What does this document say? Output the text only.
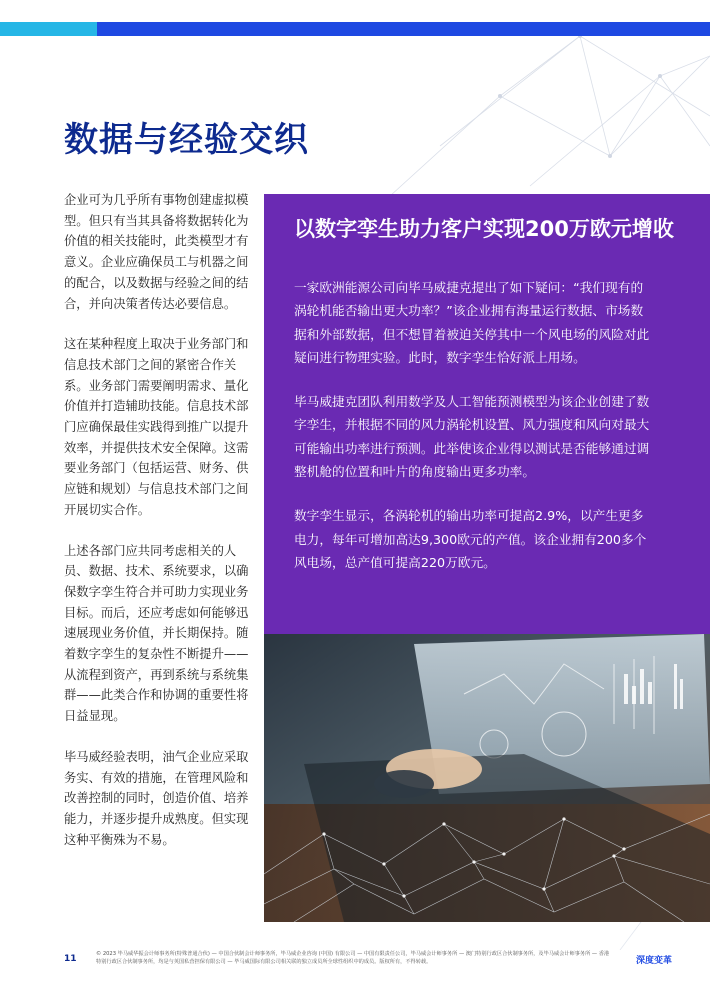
数据与经验交织

企业可为几乎所有事物创建虚拟模型。但只有当其具备将数据转化为价值的相关技能时，此类模型才有意义。企业应确保员工与机器之间的配合，以及数据与经验之间的结合，并向决策者传达必要信息。

这在某种程度上取决于业务部门和信息技术部门之间的紧密合作关系。业务部门需要阐明需求、量化价值并打造辅助技能。信息技术部门应确保最佳实践得到推广以提升效率，并提供技术安全保障。这需要业务部门（包括运营、财务、供应链和规划）与信息技术部门之间开展切实合作。

上述各部门应共同考虑相关的人员、数据、技术、系统要求，以确保数字孪生符合并可助力实现业务目标。而后，还应考虑如何能够迅速展现业务价值，并长期保持。随着数字孪生的复杂性不断提升——从流程到资产，再到系统与系统集群——此类合作和协调的重要性将日益显现。

毕马威经验表明，油气企业应采取务实、有效的措施，在管理风险和改善控制的同时，创造价值、培养能力，并逐步提升成熟度。但实现这种平衡殊为不易。

以数字孪生助力客户实现200万欧元增收

一家欧洲能源公司向毕马威捷克提出了如下疑问：“我们现有的涡轮机能否输出更大功率？”该企业拥有海量运行数据、市场数据和外部数据，但不想冒着被迫关停其中一个风电场的风险对此疑问进行物理实验。此时，数字孪生恰好派上用场。

毕马威捷克团队利用数学及人工智能预测模型为该企业创建了数字孪生，并根据不同的风力涡轮机设置、风力强度和风向对最大可能输出功率进行预测。此举使该企业得以测试是否能够通过调整机舱的位置和叶片的角度输出更多功率。

数字孪生显示，各涡轮机的输出功率可提高2.9%，以产生更多电力，每年可增加高达9,300欧元的产值。该企业拥有200多个风电场，总产值可提高220万欧元。

11	© 2023 毕马威华振会计师事务所(特殊普通合伙) — 中国合伙制会计师事务所，毕马威企业咨询 (中国) 有限公司 — 中国有限责任公司，毕马威会计师事务所 — 澳门特别行政区合伙制事务所，及毕马威会计师事务所 — 香港特别行政区合伙制事务所，均是与英国私营担保有限公司 — 毕马威国际有限公司相关联的独立成员所全球性组织中的成员。版权所有，不得转载。	深度变革
